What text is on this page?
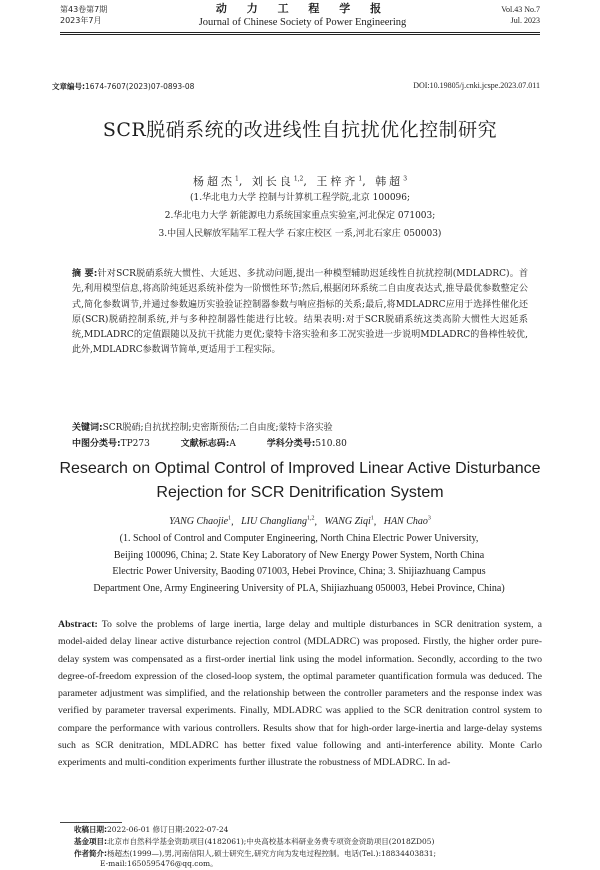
第43卷第7期
2023年7月
动 力 工 程 学 报
Journal of Chinese Society of Power Engineering
Vol.43 No.7
Jul. 2023
文章编号:1674-7607(2023)07-0893-08	DOI:10.19805/j.cnki.jcspe.2023.07.011
SCR脱硝系统的改进线性自抗扰优化控制研究
杨超杰$^1$, 刘长良$^{1,2}$, 王梓齐$^1$, 韩超$^3$
(1.华北电力大学 控制与计算机工程学院,北京 100096;
2.华北电力大学 新能源电力系统国家重点实验室,河北保定 071003;
3.中国人民解放军陆军工程大学 石家庄校区 一系,河北石家庄 050003)
摘 要:针对SCR脱硝系统大惯性、大延迟、多扰动问题,提出一种模型辅助迟延线性自抗扰控制(MDLADRC)。首先,利用模型信息,将高阶纯延迟系统补偿为一阶惯性环节;然后,根据闭环系统二自由度表达式,推导最优参数整定公式,简化参数调节,并通过参数遍历实验验证控制器参数与响应指标的关系;最后,将MDLADRC应用于选择性催化还原(SCR)脱硝控制系统,并与多种控制器性能进行比较。结果表明:对于SCR脱硝系统这类高阶大惯性大迟延系统,MDLADRC的定值跟随以及抗干扰能力更优;蒙特卡洛实验和多工况实验进一步说明MDLADRC的鲁棒性较优,此外,MDLADRC参数调节简单,更适用于工程实际。
关键词:SCR脱硝;自抗扰控制;史密斯预估;二自由度;蒙特卡洛实验
中图分类号:TP273	文献标志码:A	学科分类号:510.80
Research on Optimal Control of Improved Linear Active Disturbance
Rejection for SCR Denitrification System
YANG Chaojie$^1$,   LIU Changliang$^{1,2}$,   WANG Ziqi$^1$,   HAN Chao$^3$
(1. School of Control and Computer Engineering, North China Electric Power University,
Beijing 100096, China; 2. State Key Laboratory of New Energy Power System, North China
Electric Power University, Baoding 071003, Hebei Province, China; 3. Shijiazhuang Campus
Department One, Army Engineering University of PLA, Shijiazhuang 050003, Hebei Province, China)
Abstract: To solve the problems of large inertia, large delay and multiple disturbances in SCR denitration system, a model-aided delay linear active disturbance rejection control (MDLADRC) was proposed. Firstly, the higher order pure-delay system was compensated as a first-order inertial link using the model information. Secondly, according to the two degree-of-freedom expression of the closed-loop system, the optimal parameter quantification formula was deduced. The parameter adjustment was simplified, and the relationship between the controller parameters and the response index was verified by parameter traversal experiments. Finally, MDLADRC was applied to the SCR denitration control system to compare the performance with various controllers. Results show that for high-order large-inertia and large-delay systems such as SCR denitration, MDLADRC has better fixed value following and anti-interference ability. Monte Carlo experiments and multi-condition experiments further illustrate the robustness of MDLADRC. In ad-
收稿日期:2022-06-01 修订日期:2022-07-24
基金项目:北京市自然科学基金资助项目(4182061);中央高校基本科研业务费专项资金资助项目(2018ZD05)
作者简介:杨超杰(1999—),男,河南信阳人,硕士研究生,研究方向为发电过程控制。电话(Tel.):18834403831;
E-mail:1650595476@qq.com。
